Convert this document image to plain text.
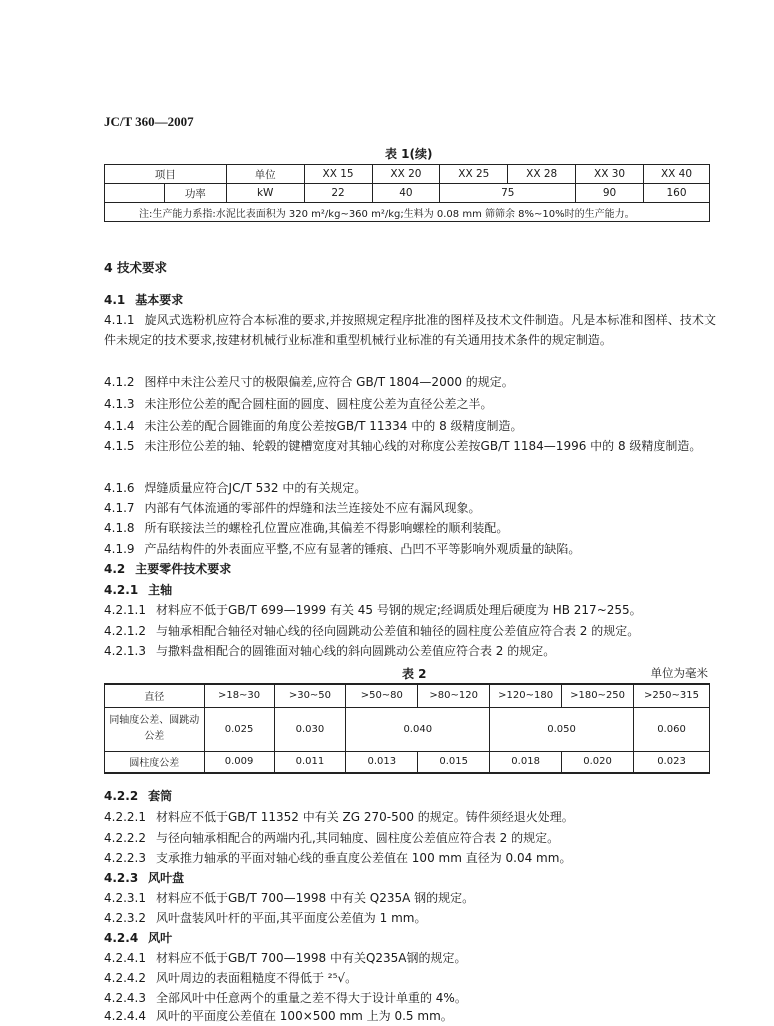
JC/T 360—2007
表 1(续)
项目		单位	XX 15	XX 20	XX 25	XX 28	XX 30	XX 40
	功率	kW	22	40	75		90	160
注:生产能力系指:水泥比表面积为 320 m²/kg~360 m²/kg;生料为 0.08 mm 筛筛余 8%~10%时的生产能力。								
4 技术要求
4.1 基本要求
4.1.1 旋风式选粉机应符合本标准的要求,并按照规定程序批准的图样及技术文件制造。凡是本标准和图样、技术文件未规定的技术要求,按建材机械行业标准和重型机械行业标准的有关通用技术条件的规定制造。
4.1.2 图样中未注公差尺寸的极限偏差,应符合 GB/T 1804—2000 的规定。
4.1.3 未注形位公差的配合圆柱面的圆度、圆柱度公差为直径公差之半。
4.1.4 未注公差的配合圆锥面的角度公差按GB/T 11334 中的 8 级精度制造。
4.1.5 未注形位公差的轴、轮毂的键槽宽度对其轴心线的对称度公差按GB/T 1184—1996 中的 8 级精度制造。
4.1.6 焊缝质量应符合JC/T 532 中的有关规定。
4.1.7 内部有气体流通的零部件的焊缝和法兰连接处不应有漏风现象。
4.1.8 所有联接法兰的螺栓孔位置应准确,其偏差不得影响螺栓的顺利装配。
4.1.9 产品结构件的外表面应平整,不应有显著的锤痕、凸凹不平等影响外观质量的缺陷。
4.2 主要零件技术要求
4.2.1 主轴
4.2.1.1 材料应不低于GB/T 699—1999 有关 45 号钢的规定;经调质处理后硬度为 HB 217~255。
4.2.1.2 与轴承相配合轴径对轴心线的径向圆跳动公差值和轴径的圆柱度公差值应符合表 2 的规定。
4.2.1.3 与撒料盘相配合的圆锥面对轴心线的斜向圆跳动公差值应符合表 2 的规定。
表 2	单位为毫米
直径	>18~30	>30~50	>50~80	>80~120	>120~180	>180~250	>250~315
同轴度公差、圆跳动公差	0.025	0.030	0.040		0.050		0.060
圆柱度公差	0.009	0.011	0.013	0.015	0.018	0.020	0.023
4.2.2 套筒
4.2.2.1 材料应不低于GB/T 11352 中有关 ZG 270-500 的规定。铸件须经退火处理。
4.2.2.2 与径向轴承相配合的两端内孔,其同轴度、圆柱度公差值应符合表 2 的规定。
4.2.2.3 支承推力轴承的平面对轴心线的垂直度公差值在 100 mm 直径为 0.04 mm。
4.2.3 风叶盘
4.2.3.1 材料应不低于GB/T 700—1998 中有关 Q235A 钢的规定。
4.2.3.2 风叶盘装风叶杆的平面,其平面度公差值为 1 mm。
4.2.4 风叶
4.2.4.1 材料应不低于GB/T 700—1998 中有关Q235A钢的规定。
4.2.4.2 风叶周边的表面粗糙度不得低于 ²⁵√。
4.2.4.3 全部风叶中任意两个的重量之差不得大于设计单重的 4%。
4.2.4.4 风叶的平面度公差值在 100×500 mm 上为 0.5 mm。
